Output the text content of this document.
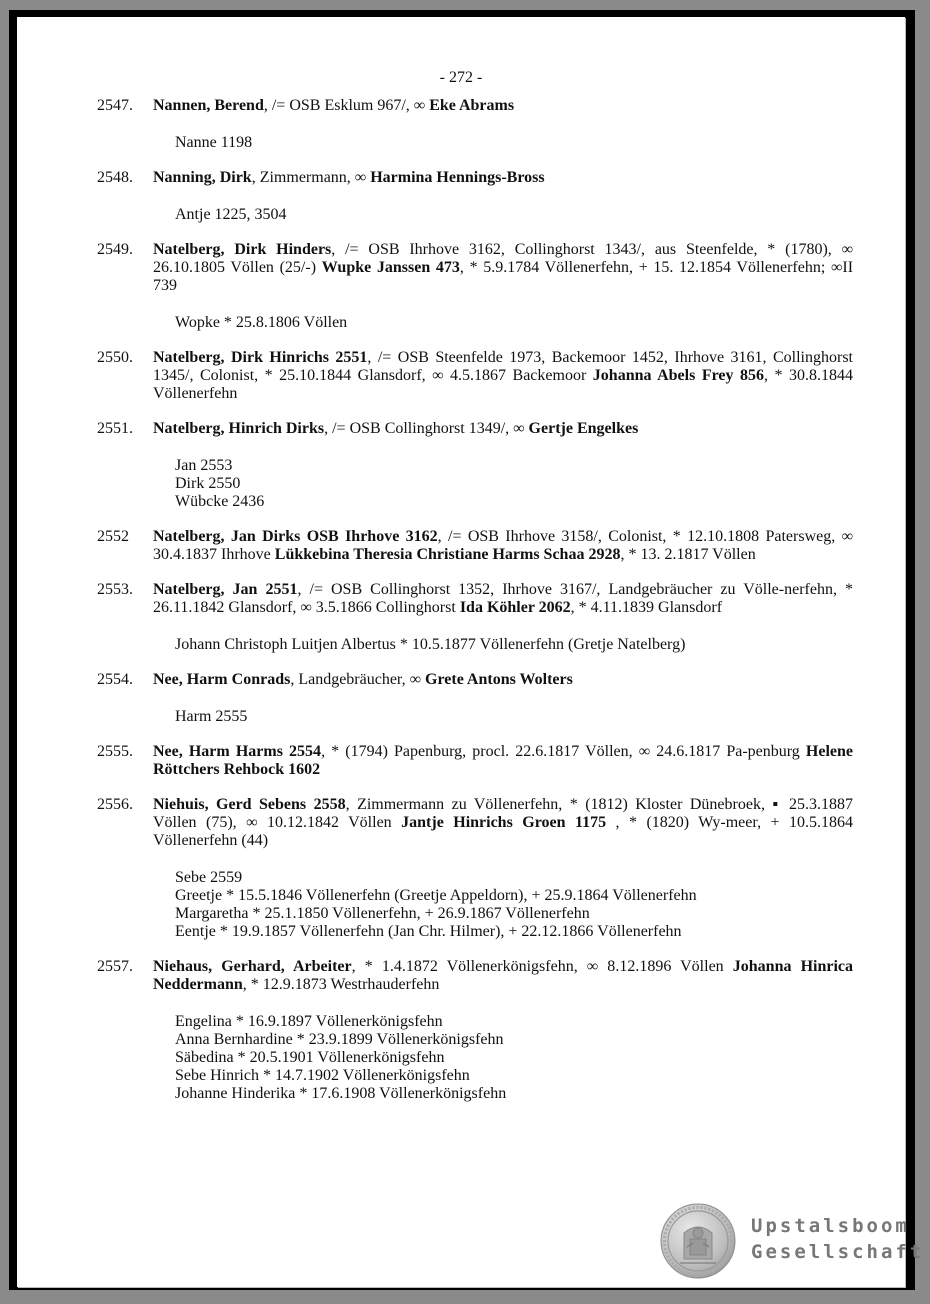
- 272 -
2547. Nannen, Berend, /= OSB Esklum 967/, ∞ Eke Abrams
Nanne 1198
2548. Nanning, Dirk, Zimmermann, ∞ Harmina Hennings-Bross
Antje 1225, 3504
2549. Natelberg, Dirk Hinders, /= OSB Ihrhove 3162, Collinghorst 1343/, aus Steenfelde, * (1780), ∞ 26.10.1805 Völlen (25/-) Wupke Janssen 473, * 5.9.1784 Völlenerfehn, + 15. 12.1854 Völlenerfehn; ∞II 739
Wopke * 25.8.1806 Völlen
2550. Natelberg, Dirk Hinrichs 2551, /= OSB Steenfelde 1973, Backemoor 1452, Ihrhove 3161, Collinghorst 1345/, Colonist, * 25.10.1844 Glansdorf, ∞ 4.5.1867 Backemoor Johanna Abels Frey 856, * 30.8.1844 Völlenerfehn
2551. Natelberg, Hinrich Dirks, /= OSB Collinghorst 1349/, ∞ Gertje Engelkes
Jan 2553
Dirk 2550
Wübcke 2436
2552 Natelberg, Jan Dirks OSB Ihrhove 3162, /= OSB Ihrhove 3158/, Colonist, * 12.10.1808 Patersweg, ∞ 30.4.1837 Ihrhove Lükkebina Theresia Christiane Harms Schaa 2928, * 13. 2.1817 Völlen
2553. Natelberg, Jan 2551, /= OSB Collinghorst 1352, Ihrhove 3167/, Landgebräucher zu Völle-nerfehn, * 26.11.1842 Glansdorf, ∞ 3.5.1866 Collinghorst Ida Köhler 2062, * 4.11.1839 Glansdorf
Johann Christoph Luitjen Albertus * 10.5.1877 Völlenerfehn (Gretje Natelberg)
2554. Nee, Harm Conrads, Landgebräucher, ∞ Grete Antons Wolters
Harm 2555
2555. Nee, Harm Harms 2554, * (1794) Papenburg, procl. 22.6.1817 Völlen, ∞ 24.6.1817 Pa-penburg Helene Röttchers Rehbock 1602
2556. Niehuis, Gerd Sebens 2558, Zimmermann zu Völlenerfehn, * (1812) Kloster Dünebroek, ▪ 25.3.1887 Völlen (75), ∞ 10.12.1842 Völlen Jantje Hinrichs Groen 1175 , * (1820) Wy-meer, + 10.5.1864 Völlenerfehn (44)
Sebe 2559
Greetje * 15.5.1846 Völlenerfehn (Greetje Appeldorn), + 25.9.1864 Völlenerfehn
Margaretha * 25.1.1850 Völlenerfehn, + 26.9.1867 Völlenerfehn
Eentje * 19.9.1857 Völlenerfehn (Jan Chr. Hilmer), + 22.12.1866 Völlenerfehn
2557. Niehaus, Gerhard, Arbeiter, * 1.4.1872 Völlenerkönigsfehn, ∞ 8.12.1896 Völlen Johanna Hinrica Neddermann, * 12.9.1873 Westrhauderfehn
Engelina * 16.9.1897 Völlenerkönigsfehn
Anna Bernhardine * 23.9.1899 Völlenerkönigsfehn
Säbedina * 20.5.1901 Völlenerkönigsfehn
Sebe Hinrich * 14.7.1902 Völlenerkönigsfehn
Johanne Hinderika * 17.6.1908 Völlenerkönigsfehn
Upstalsboom
Gesellschaft
